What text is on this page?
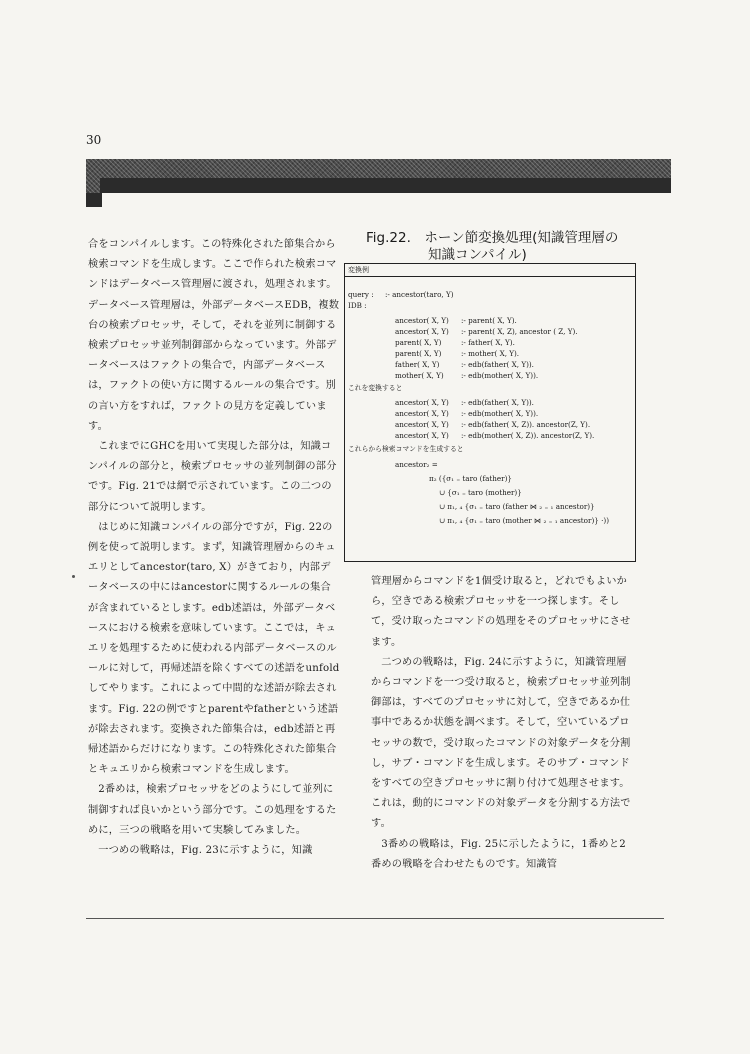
30

合をコンパイルします。この特殊化された節集合から検索コマンドを生成します。ここで作られた検索コマンドはデータベース管理層に渡され，処理されます。データベース管理層は，外部データベースEDB，複数台の検索プロセッサ，そして，それを並列に制御する検索プロセッサ並列制御部からなっています。外部データベースはファクトの集合で，内部データベースは，ファクトの使い方に関するルールの集合です。別の言い方をすれば，ファクトの見方を定義しています。

これまでにGHCを用いて実現した部分は，知識コンパイルの部分と，検索プロセッサの並列制御の部分です。Fig. 21では網で示されています。この二つの部分について説明します。

はじめに知識コンパイルの部分ですが，Fig. 22の例を使って説明します。まず，知識管理層からのキュエリとしてancestor(taro, X）がきており，内部データベースの中にはancestorに関するルールの集合が含まれているとします。edb述語は，外部データベースにおける検索を意味しています。ここでは，キュエリを処理するために使われる内部データベースのルールに対して，再帰述語を除くすべての述語をunfoldしてやります。これによって中間的な述語が除去されます。Fig. 22の例ですとparentやfatherという述語が除去されます。変換された節集合は，edb述語と再帰述語からだけになります。この特殊化された節集合とキュエリから検索コマンドを生成します。

2番めは，検索プロセッサをどのようにして並列に制御すれば良いかという部分です。この処理をするために，三つの戦略を用いて実験してみました。

一つめの戦略は，Fig. 23に示すように，知識

Fig.22.　ホーン節変換処理(知識管理層の
知識コンパイル)
変換例
query : :- ancestor(taro, Y)
IDB :
ancestor( X, Y) :- parent( X, Y).
ancestor( X, Y) :- parent( X, Z), ancestor ( Z, Y).
parent( X, Y)	:- father( X, Y).
parent( X, Y)	:- mother( X, Y).
father( X, Y)	:- edb(father( X, Y)).
mother( X, Y) :- edb(mother( X, Y)).
これを変換すると
ancestor( X, Y) :- edb(father( X, Y)).
ancestor( X, Y) :- edb(mother( X, Y)).
ancestor( X, Y) :- edb(father( X, Z)). ancestor(Z, Y).
ancestor( X, Y) :- edb(mother( X, Z)). ancestor(Z, Y).
これらから検索コマンドを生成すると
ancestor₂ =
π₂ ({σ₁ ₌ taro (father)}
∪ {σ₁ ₌ taro (mother)}
∪ π₁, ₄ {σ₁ ₌ taro (father ⋈ ₂ ₌ ₁ ancestor)}
∪ π₁, ₄ {σ₁ ₌ taro (mother ⋈ ₂ ₌ ₁ ancestor)} ·))

管理層からコマンドを1個受け取ると，どれでもよいから，空きである検索プロセッサを一つ探します。そして，受け取ったコマンドの処理をそのプロセッサにさせます。

二つめの戦略は，Fig. 24に示すように，知識管理層からコマンドを一つ受け取ると，検索プロセッサ並列制御部は，すべてのプロセッサに対して，空きであるか仕事中であるか状態を調べます。そして，空いているプロセッサの数で，受け取ったコマンドの対象データを分割し，サブ・コマンドを生成します。そのサブ・コマンドをすべての空きプロセッサに割り付けて処理させます。これは，動的にコマンドの対象データを分割する方法です。

3番めの戦略は，Fig. 25に示したように，1番めと2番めの戦略を合わせたものです。知識管
